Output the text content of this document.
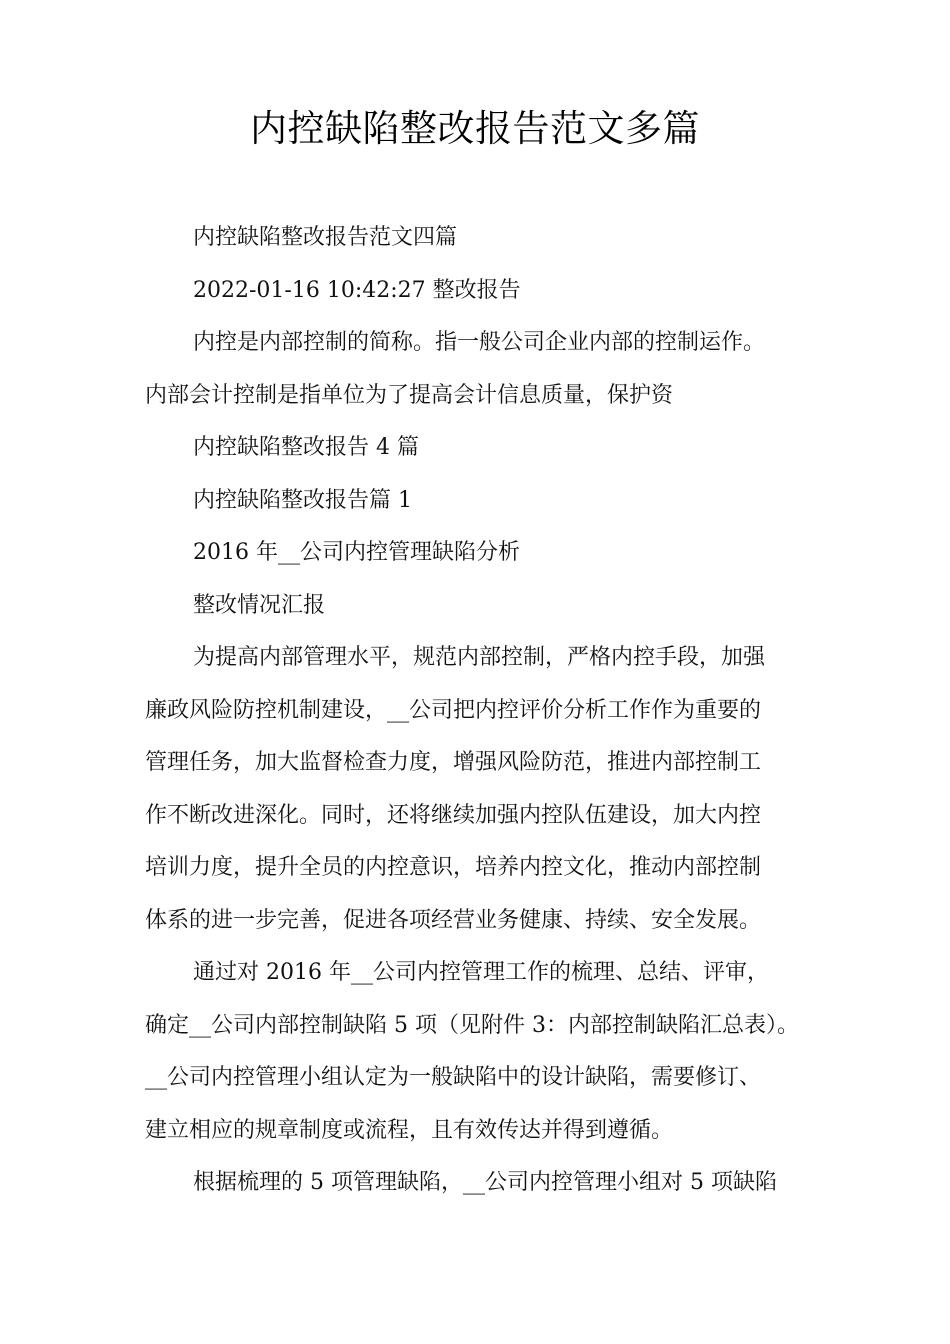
内控缺陷整改报告范文多篇
内控缺陷整改报告范文四篇
2022-01-16 10:42:27 整改报告
内控是内部控制的简称。指一般公司企业内部的控制运作。
内部会计控制是指单位为了提高会计信息质量，保护资
内控缺陷整改报告 4 篇
内控缺陷整改报告篇 1
2016 年__公司内控管理缺陷分析
整改情况汇报
为提高内部管理水平，规范内部控制，严格内控手段，加强
廉政风险防控机制建设，__公司把内控评价分析工作作为重要的
管理任务，加大监督检查力度，增强风险防范，推进内部控制工
作不断改进深化。同时，还将继续加强内控队伍建设，加大内控
培训力度，提升全员的内控意识，培养内控文化，推动内部控制
体系的进一步完善，促进各项经营业务健康、持续、安全发展。
通过对 2016 年__公司内控管理工作的梳理、总结、评审，
确定__公司内部控制缺陷 5 项（见附件 3：内部控制缺陷汇总表）。
__公司内控管理小组认定为一般缺陷中的设计缺陷，需要修订、
建立相应的规章制度或流程，且有效传达并得到遵循。
根据梳理的 5 项管理缺陷，__公司内控管理小组对 5 项缺陷
